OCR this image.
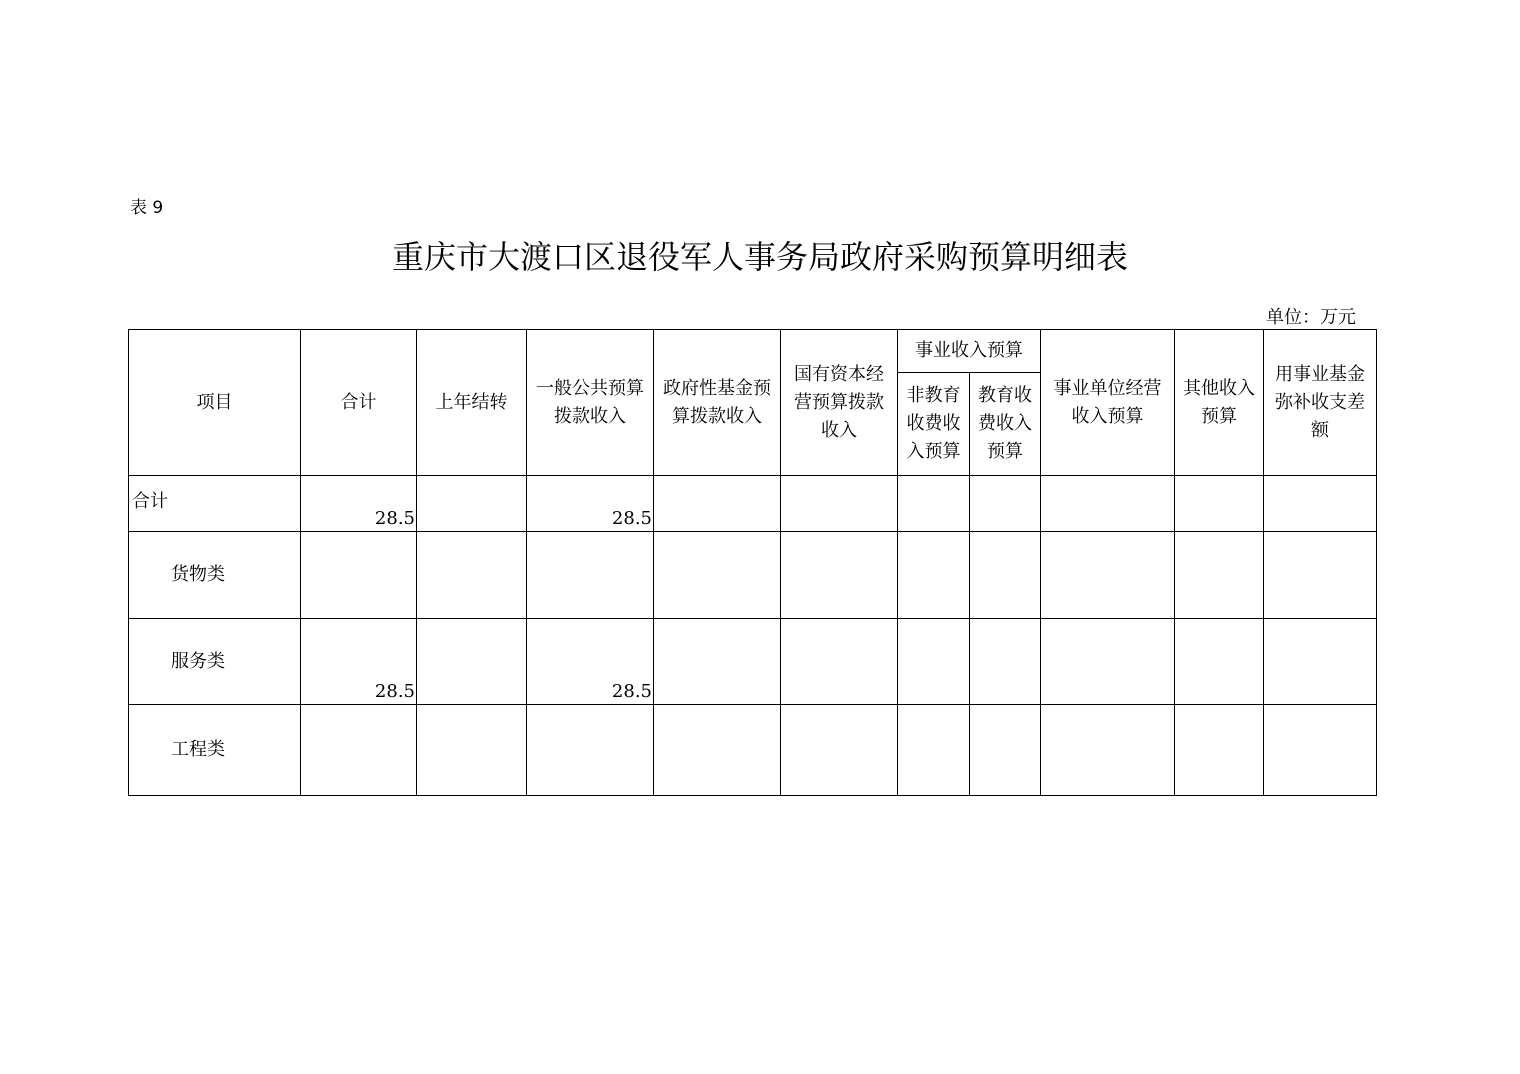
表 9
重庆市大渡口区退役军人事务局政府采购预算明细表
单位：万元
项目	合计	上年结转	一般公共预算拨款收入	政府性基金预算拨款收入	国有资本经营预算拨款收入	事业收入预算		事业单位经营收入预算	其他收入预算	用事业基金弥补收支差额
						非教育收费收入预算	教育收费收入预算			
合计	28.5		28.5							
货物类										
服务类	28.5		28.5							
工程类										
